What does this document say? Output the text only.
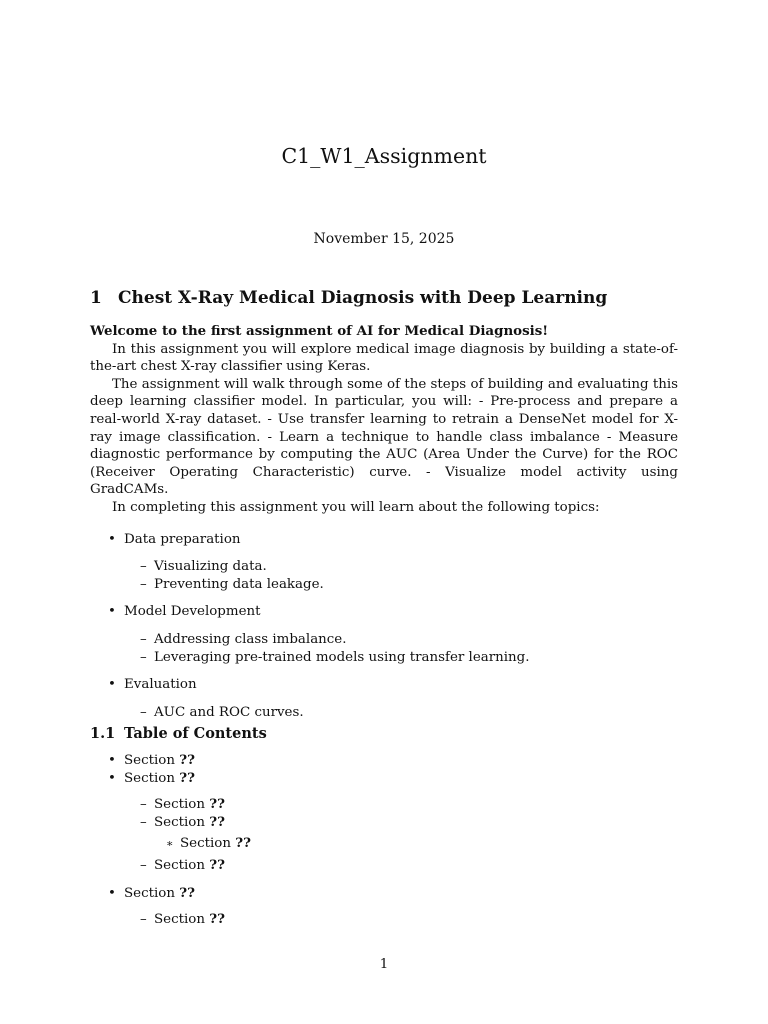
C1_W1_Assignment
November 15, 2025
1 Chest X-Ray Medical Diagnosis with Deep Learning

Welcome to the first assignment of AI for Medical Diagnosis!

In this assignment you will explore medical image diagnosis by building a state-of-the-art chest X-ray classifier using Keras.

The assignment will walk through some of the steps of building and evaluating this deep learning classifier model. In particular, you will: - Pre-process and prepare a real-world X-ray dataset. - Use transfer learning to retrain a DenseNet model for X-ray image classification. - Learn a technique to handle class imbalance - Measure diagnostic performance by computing the AUC (Area Under the Curve) for the ROC (Receiver Operating Characteristic) curve. - Visualize model activity using GradCAMs.

In completing this assignment you will learn about the following topics:

• Data preparation
– Visualizing data.
– Preventing data leakage.
• Model Development
– Addressing class imbalance.
– Leveraging pre-trained models using transfer learning.
• Evaluation
– AUC and ROC curves.
1.1 Table of Contents
• Section ??
• Section ??
– Section ??
– Section ??
∗ Section ??
– Section ??
• Section ??
– Section ??
1
